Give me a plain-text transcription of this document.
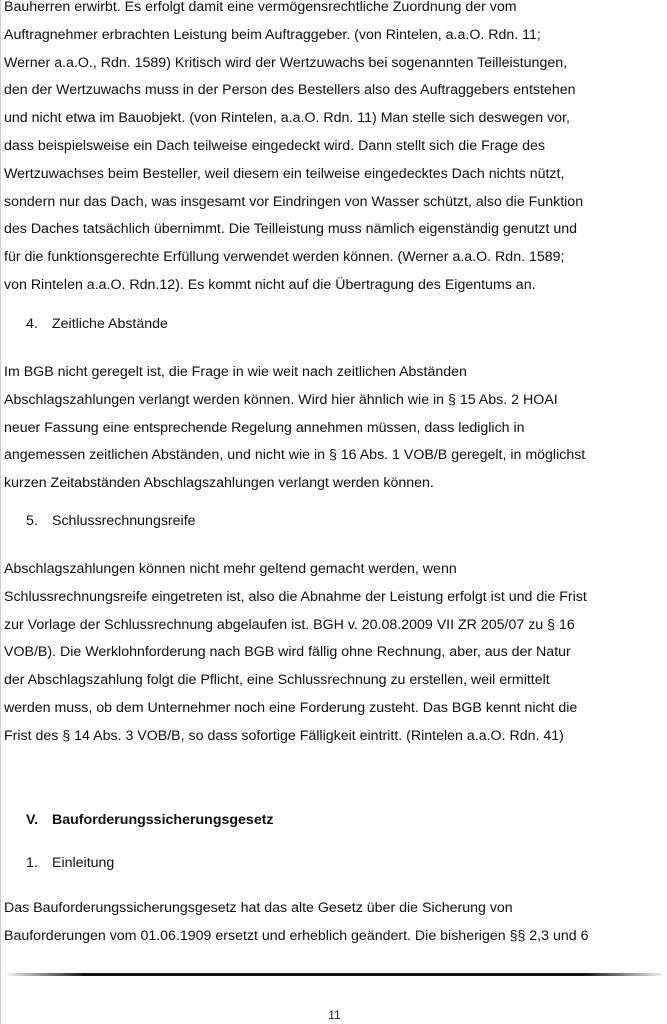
Bauherren erwirbt. Es erfolgt damit eine vermögensrechtliche Zuordnung der vom
Auftragnehmer erbrachten Leistung beim Auftraggeber. (von Rintelen, a.a.O. Rdn. 11;
Werner a.a.O., Rdn. 1589) Kritisch wird der Wertzuwachs bei sogenannten Teilleistungen,
den der Wertzuwachs muss in der Person des Bestellers also des Auftraggebers entstehen
und nicht etwa im Bauobjekt. (von Rintelen, a.a.O. Rdn. 11) Man stelle sich deswegen vor,
dass beispielsweise ein Dach teilweise eingedeckt wird. Dann stellt sich die Frage des
Wertzuwachses beim Besteller, weil diesem ein teilweise eingedecktes Dach nichts nützt,
sondern nur das Dach, was insgesamt vor Eindringen von Wasser schützt, also die Funktion
des Daches tatsächlich übernimmt. Die Teilleistung muss nämlich eigenständig genutzt und
für die funktionsgerechte Erfüllung verwendet werden können. (Werner a.a.O. Rdn. 1589;
von Rintelen a.a.O. Rdn.12). Es kommt nicht auf die Übertragung des Eigentums an.
4. Zeitliche Abstände
Im BGB nicht geregelt ist, die Frage in wie weit nach zeitlichen Abständen
Abschlagszahlungen verlangt werden können. Wird hier ähnlich wie in § 15 Abs. 2 HOAI
neuer Fassung eine entsprechende Regelung annehmen müssen, dass lediglich in
angemessen zeitlichen Abständen, und nicht wie in § 16 Abs. 1 VOB/B geregelt, in möglichst
kurzen Zeitabständen Abschlagszahlungen verlangt werden können.
5. Schlussrechnungsreife
Abschlagszahlungen können nicht mehr geltend gemacht werden, wenn
Schlussrechnungsreife eingetreten ist, also die Abnahme der Leistung erfolgt ist und die Frist
zur Vorlage der Schlussrechnung abgelaufen ist. BGH v. 20.08.2009 VII ZR 205/07 zu § 16
VOB/B). Die Werklohnforderung nach BGB wird fällig ohne Rechnung, aber, aus der Natur
der Abschlagszahlung folgt die Pflicht, eine Schlussrechnung zu erstellen, weil ermittelt
werden muss, ob dem Unternehmer noch eine Forderung zusteht. Das BGB kennt nicht die
Frist des § 14 Abs. 3 VOB/B, so dass sofortige Fälligkeit eintritt. (Rintelen a.a.O. Rdn. 41)
V. Bauforderungssicherungsgesetz
1. Einleitung
Das Bauforderungssicherungsgesetz hat das alte Gesetz über die Sicherung von
Bauforderungen vom 01.06.1909 ersetzt und erheblich geändert. Die bisherigen §§ 2,3 und 6
11
